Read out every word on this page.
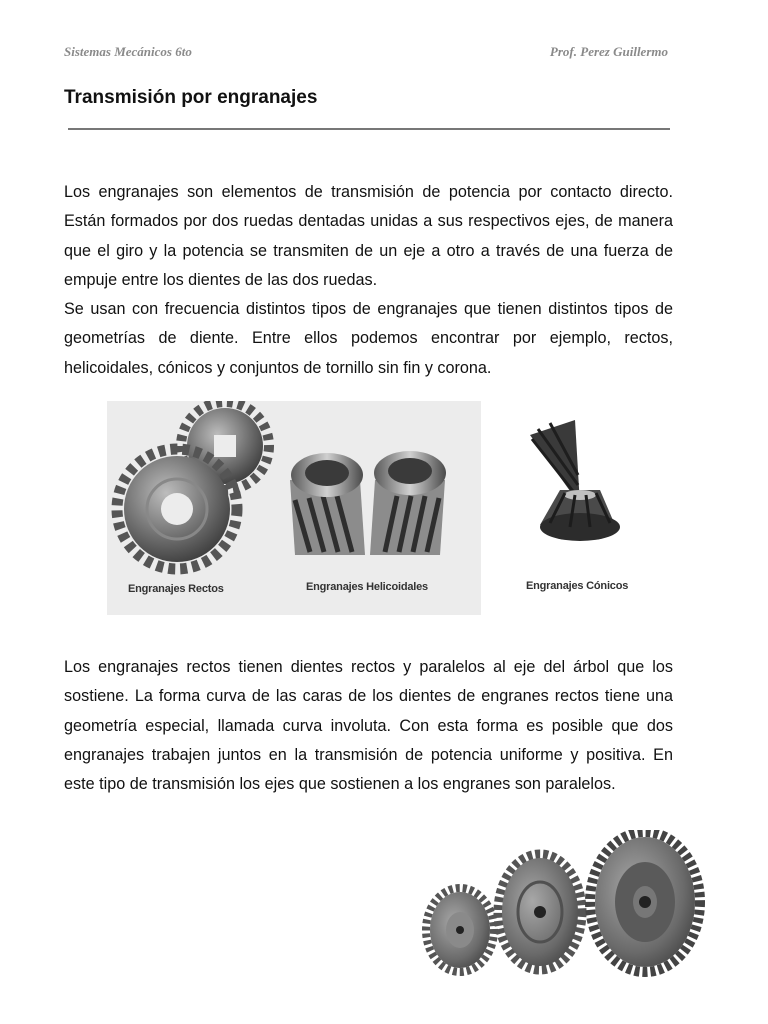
Sistemas Mecánicos 6to	Prof. Perez Guillermo
Transmisión por engranajes
Los engranajes son elementos de transmisión de potencia por contacto directo. Están formados por dos ruedas dentadas unidas a sus respectivos ejes, de manera que el giro y la potencia se transmiten de un eje a otro a través de una fuerza de empuje entre los dientes de las dos ruedas.
Se usan con frecuencia distintos tipos de engranajes que tienen distintos tipos de geometrías de diente. Entre ellos podemos encontrar por ejemplo, rectos, helicoidales, cónicos y conjuntos de tornillo sin fin y corona.
Engranajes Rectos	Engranajes Helicoidales	Engranajes Cónicos

Los engranajes rectos tienen dientes rectos y paralelos al eje del árbol que los sostiene. La forma curva de las caras de los dientes de engranes rectos tiene una geometría especial, llamada curva involuta. Con esta forma es posible que dos engranajes trabajen juntos en la transmisión de potencia uniforme y positiva. En este tipo de transmisión los ejes que sostienen a los engranes son paralelos.
